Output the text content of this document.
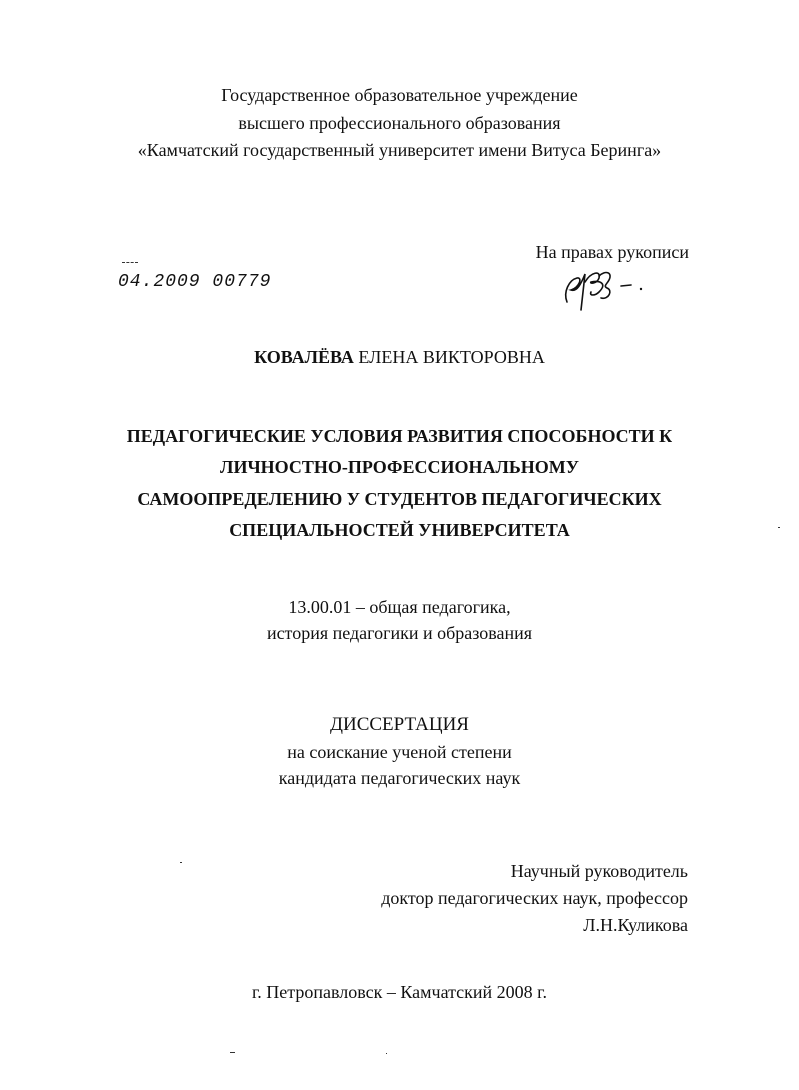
Государственное образовательное учреждение
высшего профессионального образования
«Камчатский государственный университет имени Витуса Беринга»
На правах рукописи
04.2009 00779
КОВАЛЁВА ЕЛЕНА ВИКТОРОВНА
ПЕДАГОГИЧЕСКИЕ УСЛОВИЯ РАЗВИТИЯ СПОСОБНОСТИ К
ЛИЧНОСТНО-ПРОФЕССИОНАЛЬНОМУ
САМООПРЕДЕЛЕНИЮ У СТУДЕНТОВ ПЕДАГОГИЧЕСКИХ
СПЕЦИАЛЬНОСТЕЙ УНИВЕРСИТЕТА
13.00.01 – общая педагогика,
история педагогики и образования
ДИССЕРТАЦИЯ
на соискание ученой степени
кандидата педагогических наук
Научный руководитель
доктор педагогических наук, профессор
Л.Н.Куликова
г. Петропавловск – Камчатский 2008 г.
